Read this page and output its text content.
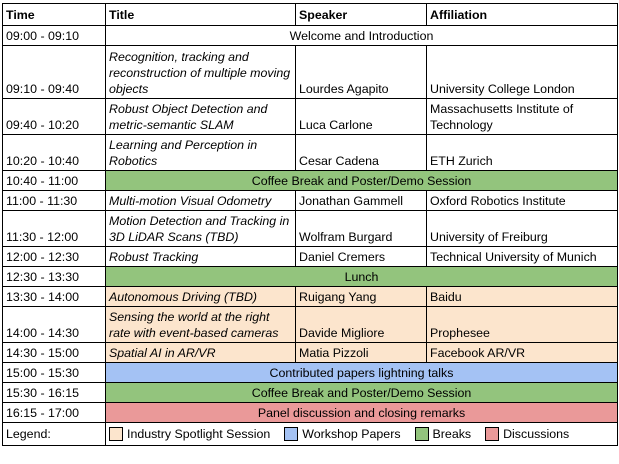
Time	Title	Speaker	Affiliation
09:00 - 09:10	Welcome and Introduction		
09:10 - 09:40	Recognition, tracking and reconstruction of multiple moving objects	Lourdes Agapito	University College London
09:40 - 10:20	Robust Object Detection and metric-semantic SLAM	Luca Carlone	Massachusetts Institute of Technology
10:20 - 10:40	Learning and Perception in Robotics	Cesar Cadena	ETH Zurich
10:40 - 11:00	Coffee Break and Poster/Demo Session		
11:00 - 11:30	Multi-motion Visual Odometry	Jonathan Gammell	Oxford Robotics Institute
11:30 - 12:00	Motion Detection and Tracking in 3D LiDAR Scans (TBD)	Wolfram Burgard	University of Freiburg
12:00 - 12:30	Robust Tracking	Daniel Cremers	Technical University of Munich
12:30 - 13:30	Lunch		
13:30 - 14:00	Autonomous Driving (TBD)	Ruigang Yang	Baidu
14:00 - 14:30	Sensing the world at the right rate with event-based cameras	Davide Migliore	Prophesee
14:30 - 15:00	Spatial AI in AR/VR	Matia Pizzoli	Facebook AR/VR
15:00 - 15:30	Contributed papers lightning talks		
15:30 - 16:15	Coffee Break and Poster/Demo Session		
16:15 - 17:00	Panel discussion and closing remarks		
Legend:	Industry Spotlight Session Workshop Papers Breaks Discussions		
